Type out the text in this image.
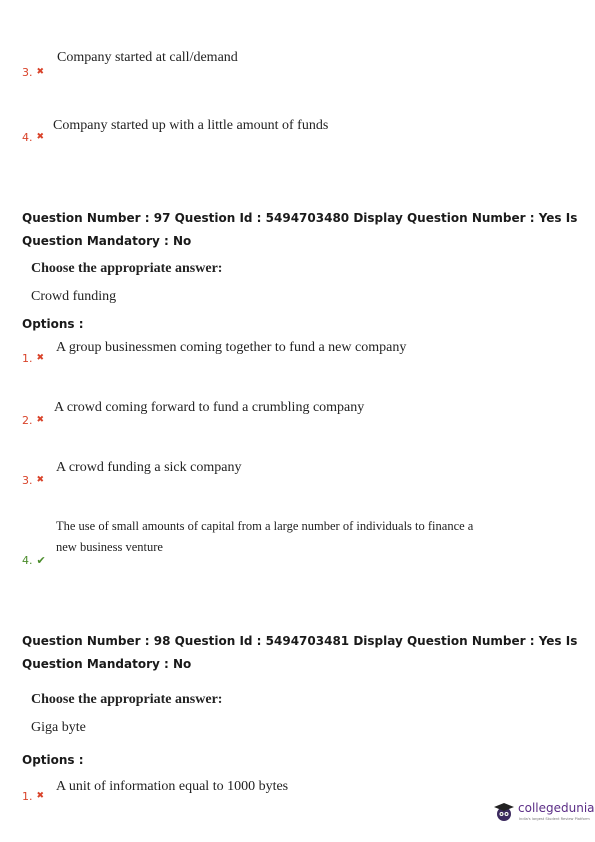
Company started at call/demand
3. ✖
Company started up with a little amount of funds
4. ✖
Question Number : 97 Question Id : 5494703480 Display Question Number : Yes Is Question Mandatory : No
Choose the appropriate answer:
Crowd funding
Options :
A group businessmen coming together to fund a new company
1. ✖
A crowd coming forward to fund a crumbling company
2. ✖
A crowd funding a sick company
3. ✖
The use of small amounts of capital from a large number of individuals to finance a new business venture
4. ✔
Question Number : 98 Question Id : 5494703481 Display Question Number : Yes Is Question Mandatory : No
Choose the appropriate answer:
Giga byte
Options :
A unit of information equal to 1000 bytes
1. ✖
collegedunia
India's largest Student Review Platform
